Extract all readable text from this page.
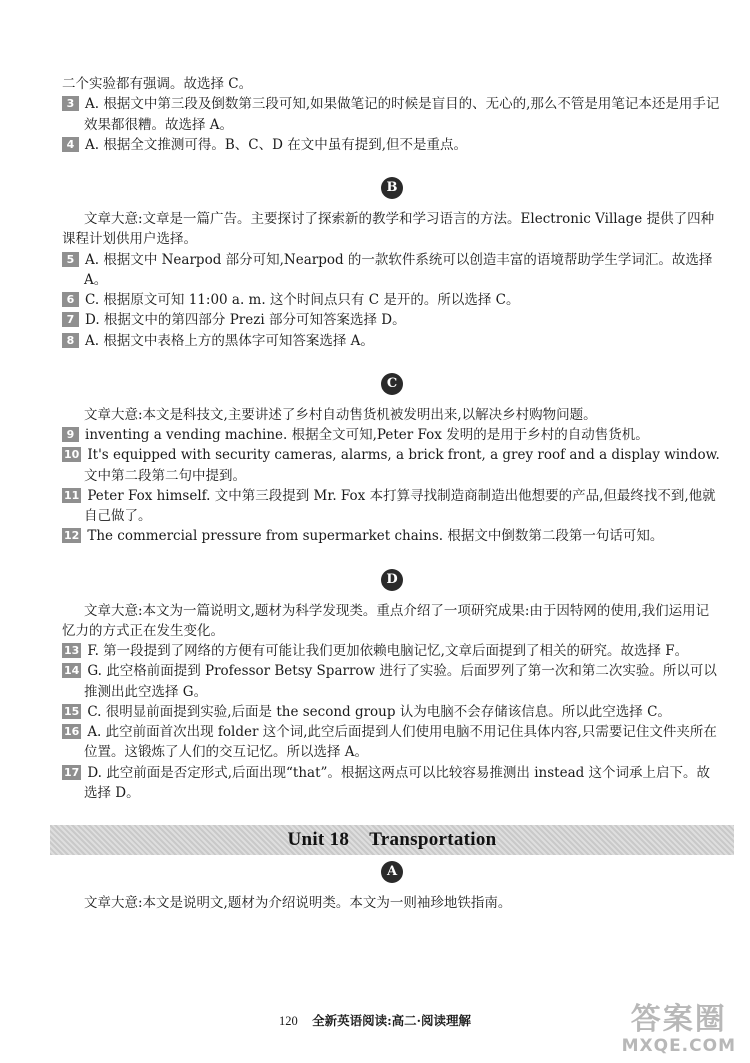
二个实验都有强调。故选择 C。

3 A. 根据文中第三段及倒数第三段可知,如果做笔记的时候是盲目的、无心的,那么不管是用笔记本还是用手记效果都很糟。故选择 A。

4 A. 根据全文推测可得。B、C、D 在文中虽有提到,但不是重点。

B

文章大意:文章是一篇广告。主要探讨了探索新的教学和学习语言的方法。Electronic Village 提供了四种课程计划供用户选择。

5 A. 根据文中 Nearpod 部分可知,Nearpod 的一款软件系统可以创造丰富的语境帮助学生学词汇。故选择 A。

6 C. 根据原文可知 11:00 a. m. 这个时间点只有 C 是开的。所以选择 C。

7 D. 根据文中的第四部分 Prezi 部分可知答案选择 D。

8 A. 根据文中表格上方的黑体字可知答案选择 A。

C

文章大意:本文是科技文,主要讲述了乡村自动售货机被发明出来,以解决乡村购物问题。

9 inventing a vending machine. 根据全文可知,Peter Fox 发明的是用于乡村的自动售货机。

10 It's equipped with security cameras, alarms, a brick front, a grey roof and a display window. 文中第二段第二句中提到。

11 Peter Fox himself. 文中第三段提到 Mr. Fox 本打算寻找制造商制造出他想要的产品,但最终找不到,他就自己做了。

12 The commercial pressure from supermarket chains. 根据文中倒数第二段第一句话可知。

D

文章大意:本文为一篇说明文,题材为科学发现类。重点介绍了一项研究成果:由于因特网的使用,我们运用记忆力的方式正在发生变化。

13 F. 第一段提到了网络的方便有可能让我们更加依赖电脑记忆,文章后面提到了相关的研究。故选择 F。

14 G. 此空格前面提到 Professor Betsy Sparrow 进行了实验。后面罗列了第一次和第二次实验。所以可以推测出此空选择 G。

15 C. 很明显前面提到实验,后面是 the second group 认为电脑不会存储该信息。所以此空选择 C。

16 A. 此空前面首次出现 folder 这个词,此空后面提到人们使用电脑不用记住具体内容,只需要记住文件夹所在位置。这锻炼了人们的交互记忆。所以选择 A。

17 D. 此空前面是否定形式,后面出现“that”。根据这两点可以比较容易推测出 instead 这个词承上启下。故选择 D。

Unit 18 Transportation
A

文章大意:本文是说明文,题材为介绍说明类。本文为一则袖珍地铁指南。

120 全新英语阅读:高二·阅读理解	答案圈
MXQE.COM
